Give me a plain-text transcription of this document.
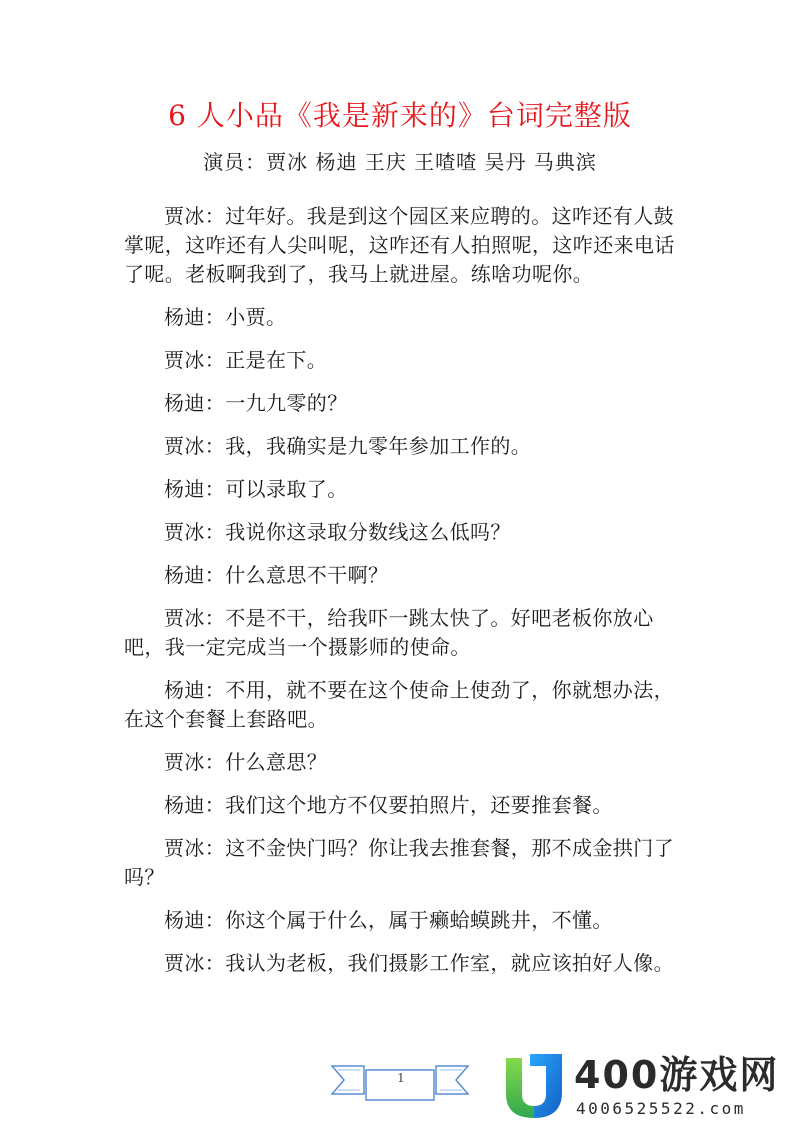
6 人小品《我是新来的》台词完整版
演员：贾冰 杨迪 王庆 王喳喳 吴丹 马典滨

贾冰：过年好。我是到这个园区来应聘的。这咋还有人鼓掌呢，这咋还有人尖叫呢，这咋还有人拍照呢，这咋还来电话了呢。老板啊我到了，我马上就进屋。练啥功呢你。

杨迪：小贾。

贾冰：正是在下。

杨迪：一九九零的？

贾冰：我，我确实是九零年参加工作的。

杨迪：可以录取了。

贾冰：我说你这录取分数线这么低吗？

杨迪：什么意思不干啊？

贾冰：不是不干，给我吓一跳太快了。好吧老板你放心吧，我一定完成当一个摄影师的使命。

杨迪：不用，就不要在这个使命上使劲了，你就想办法，在这个套餐上套路吧。

贾冰：什么意思？

杨迪：我们这个地方不仅要拍照片，还要推套餐。

贾冰：这不金快门吗？你让我去推套餐，那不成金拱门了吗？

杨迪：你这个属于什么，属于癞蛤蟆跳井，不懂。

贾冰：我认为老板，我们摄影工作室，就应该拍好人像。

1	400游戏网
4006525522.com
